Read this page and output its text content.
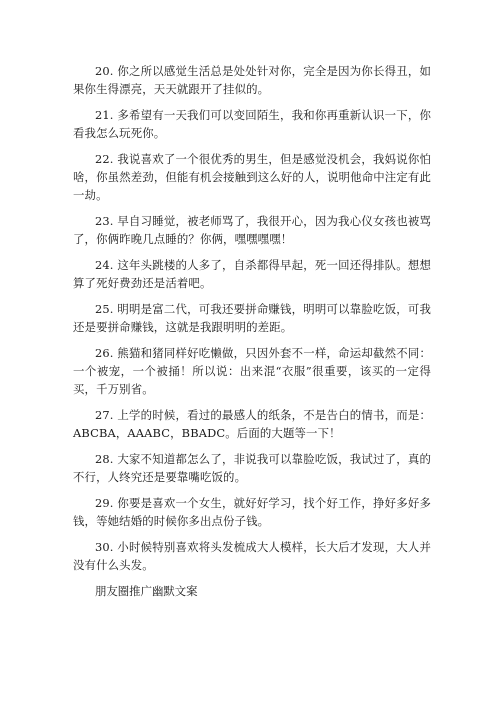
20. 你之所以感觉生活总是处处针对你，完全是因为你长得丑，如果你生得漂亮，天天就跟开了挂似的。

21. 多希望有一天我们可以变回陌生，我和你再重新认识一下，你看我怎么玩死你。

22. 我说喜欢了一个很优秀的男生，但是感觉没机会，我妈说你怕啥，你虽然差劲，但能有机会接触到这么好的人，说明他命中注定有此一劫。

23. 早自习睡觉，被老师骂了，我很开心，因为我心仪女孩也被骂了，你俩昨晚几点睡的？你俩，嘿嘿嘿嘿！

24. 这年头跳楼的人多了，自杀都得早起，死一回还得排队。想想算了死好费劲还是活着吧。

25. 明明是富二代，可我还要拼命赚钱，明明可以靠脸吃饭，可我还是要拼命赚钱，这就是我跟明明的差距。

26. 熊猫和猪同样好吃懒做，只因外套不一样，命运却截然不同：一个被宠，一个被捅！所以说：出来混“衣服”很重要，该买的一定得买，千万别省。

27. 上学的时候，看过的最感人的纸条，不是告白的情书，而是：ABCBA，AAABC，BBADC。后面的大题等一下！

28. 大家不知道都怎么了，非说我可以靠脸吃饭，我试过了，真的不行，人终究还是要靠嘴吃饭的。

29. 你要是喜欢一个女生，就好好学习，找个好工作，挣好多好多钱，等她结婚的时候你多出点份子钱。

30. 小时候特别喜欢将头发梳成大人模样，长大后才发现，大人并没有什么头发。

朋友圈推广幽默文案
